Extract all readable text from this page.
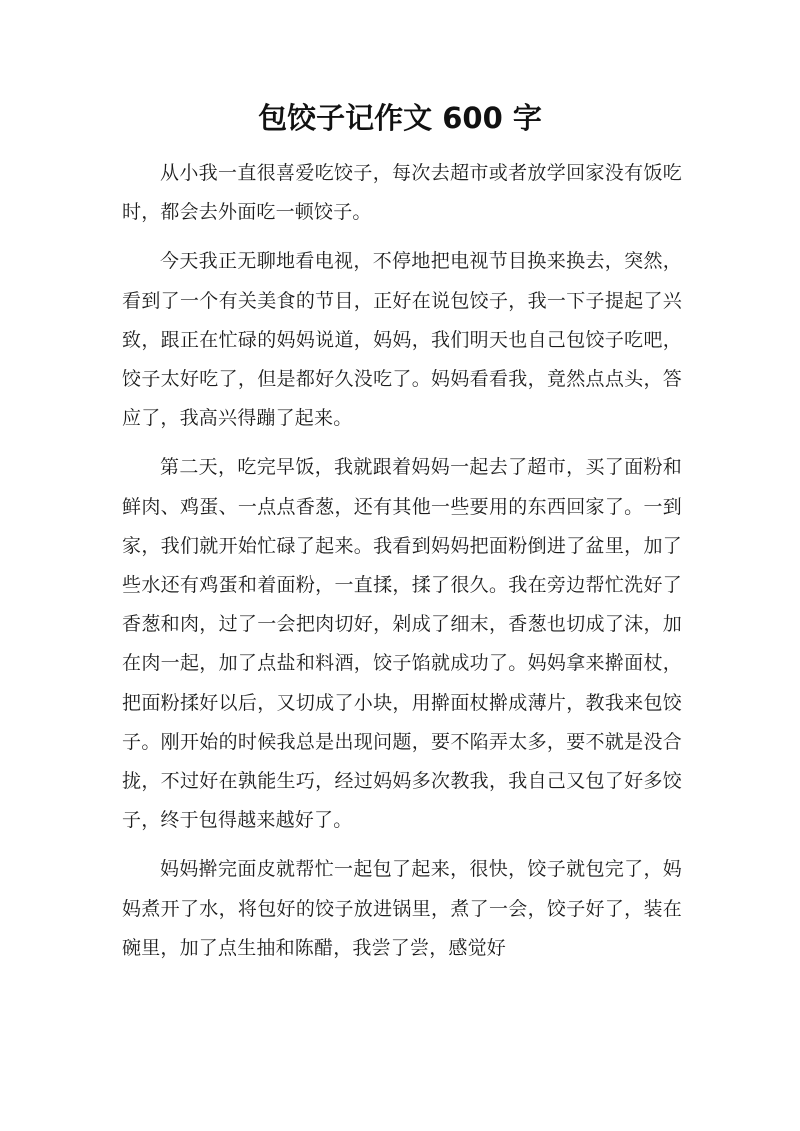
包饺子记作文 600 字

从小我一直很喜爱吃饺子，每次去超市或者放学回家没有饭吃时，都会去外面吃一顿饺子。

今天我正无聊地看电视，不停地把电视节目换来换去，突然，看到了一个有关美食的节目，正好在说包饺子，我一下子提起了兴致，跟正在忙碌的妈妈说道，妈妈，我们明天也自己包饺子吃吧，饺子太好吃了，但是都好久没吃了。妈妈看看我，竟然点点头，答应了，我高兴得蹦了起来。

第二天，吃完早饭，我就跟着妈妈一起去了超市，买了面粉和鲜肉、鸡蛋、一点点香葱，还有其他一些要用的东西回家了。一到家，我们就开始忙碌了起来。我看到妈妈把面粉倒进了盆里，加了些水还有鸡蛋和着面粉，一直揉，揉了很久。我在旁边帮忙洗好了香葱和肉，过了一会把肉切好，剁成了细末，香葱也切成了沫，加在肉一起，加了点盐和料酒，饺子馅就成功了。妈妈拿来擀面杖，把面粉揉好以后，又切成了小块，用擀面杖擀成薄片，教我来包饺子。刚开始的时候我总是出现问题，要不陷弄太多，要不就是没合拢，不过好在孰能生巧，经过妈妈多次教我，我自己又包了好多饺子，终于包得越来越好了。

妈妈擀完面皮就帮忙一起包了起来，很快，饺子就包完了，妈妈煮开了水，将包好的饺子放进锅里，煮了一会，饺子好了，装在碗里，加了点生抽和陈醋，我尝了尝，感觉好
